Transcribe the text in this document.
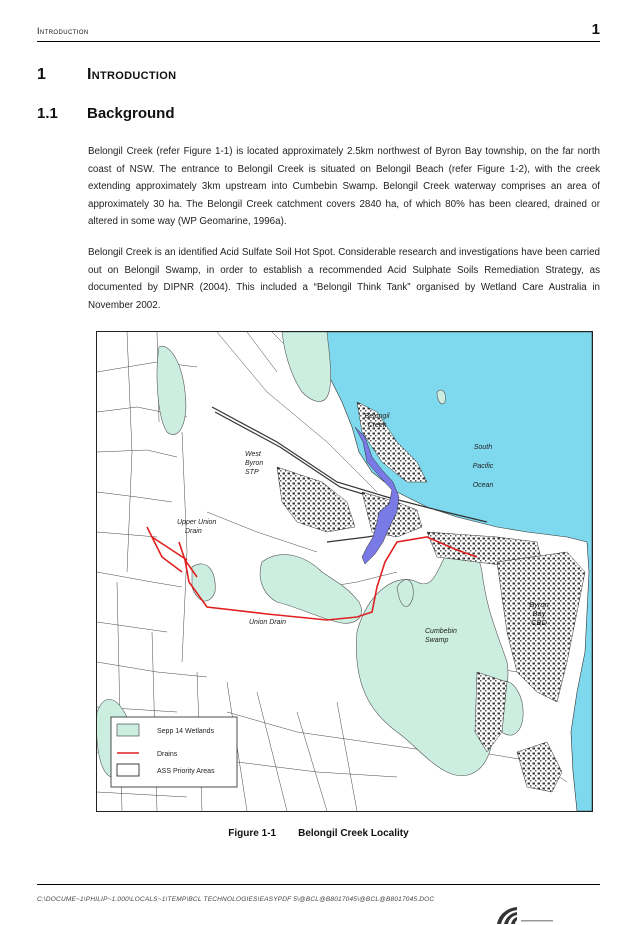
Introduction	1
1	Introduction
1.1 Background

Belongil Creek (refer Figure 1-1) is located approximately 2.5km northwest of Byron Bay township, on the far north coast of NSW. The entrance to Belongil Creek is situated on Belongil Beach (refer Figure 1-2), with the creek extending approximately 3km upstream into Cumbebin Swamp. Belongil Creek waterway comprises an area of approximately 30 ha. The Belongil Creek catchment covers 2840 ha, of which 80% has been cleared, drained or altered in some way (WP Geomarine, 1996a).

Belongil Creek is an identified Acid Sulfate Soil Hot Spot. Considerable research and investigations have been carried out on Belongil Swamp, in order to establish a recommended Acid Sulphate Soils Remediation Strategy, as documented by DIPNR (2004). This included a “Belongil Think Tank” organised by Wetland Care Australia in November 2002.

Belongil Creek
South Pacific Ocean
West Byron STP
Upper Union Drain
Union Drain
Cumbebin Swamp
Byron Bay CBD
Sepp 14 Wetlands
Drains
ASS Priority Areas
Figure 1-1 Belongil Creek Locality
C:\DOCUME~1\PHILIP~1.000\LOCALS~1\TEMP\BCL TECHNOLOGIES\EASYPDF 5\@BCL@B8017045\@BCL@B8017045.DOC
